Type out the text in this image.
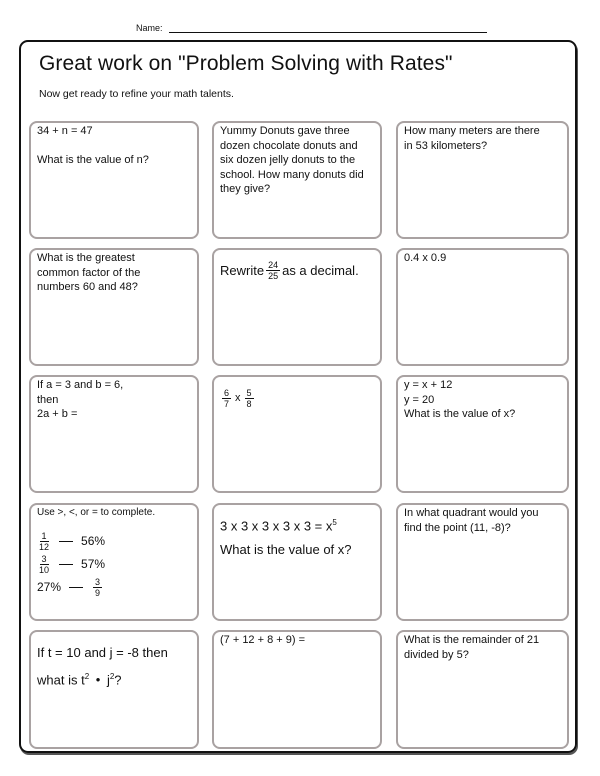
Name:
Great work on "Problem Solving with Rates"
Now get ready to refine your math talents.
34 + n = 47
What is the value of n?
Yummy Donuts gave three dozen chocolate donuts and six dozen jelly donuts to the school. How many donuts did they give?
How many meters are there in 53 kilometers?
What is the greatest common factor of the numbers 60 and 48?
Rewrite $\frac{24}{25}$ as a decimal.
0.4 x 0.9
If a = 3 and b = 6,
then
2a + b =
$\frac{6}{7}$ x $\frac{5}{8}$
y = x + 12
y = 20
What is the value of x?
Use >, <, or = to complete.
$\frac{1}{12}$	56%
$\frac{3}{10}$	57%
27%	$\frac{3}{9}$
3 x 3 x 3 x 3 x $3 = x^5$
What is the value of x?
In what quadrant would you find the point (11, -8)?
If t = 10 and j = -8 then
what is $t^2$ • $j^2$?
(7 + 12 + 8 + 9) =	What is the remainder of 21 divided by 5?
